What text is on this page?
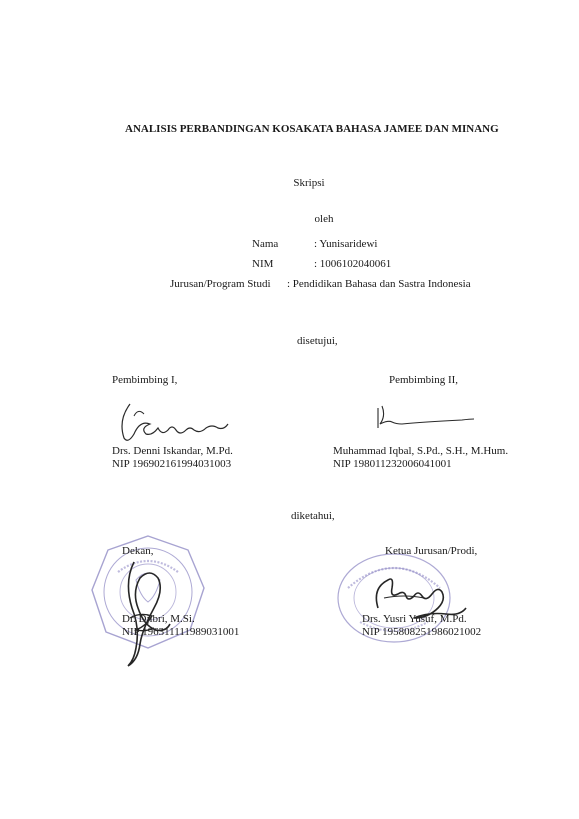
ANALISIS PERBANDINGAN KOSAKATA BAHASA JAMEE DAN MINANG
Skripsi
oleh
Nama	: Yunisaridewi
NIM	: 1006102040061
Jurusan/Program Studi : Pendidikan Bahasa dan Sastra Indonesia
disetujui,
Pembimbing I,	Pembimbing II,
Drs. Denni Iskandar, M.Pd.
NIP 196902161994031003
Muhammad Iqbal, S.Pd., S.H., M.Hum.
NIP 198011232006041001
diketahui,
Dekan,	Ketua Jurusan/Prodi,
Dr. Djibri, M.Si.
NIP 196311111989031001
Drs. Yusri Yusuf, M.Pd.
NIP 195808251986021002
